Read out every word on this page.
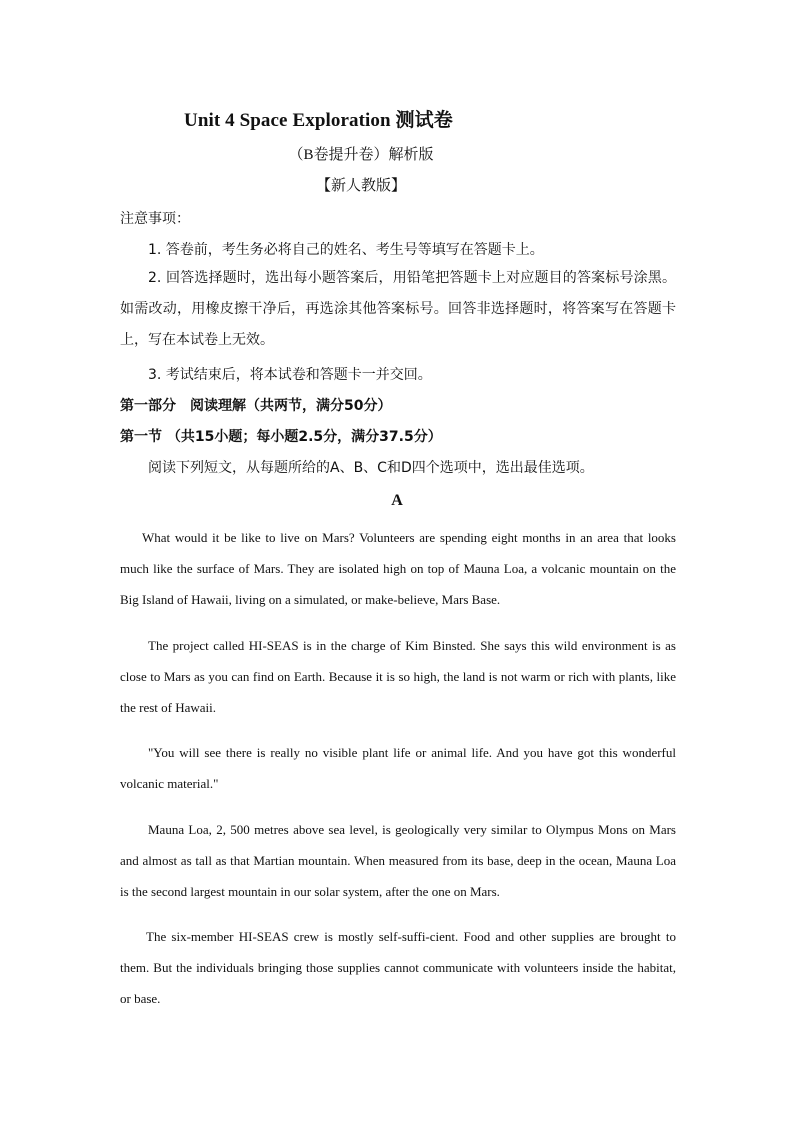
Unit 4 Space Exploration 测试卷
（B卷提升卷）解析版
【新人教版】
注意事项：
1. 答卷前，考生务必将自己的姓名、考生号等填写在答题卡上。
2. 回答选择题时，选出每小题答案后，用铅笔把答题卡上对应题目的答案标号涂黑。如需改动，用橡皮擦干净后，再选涂其他答案标号。回答非选择题时，将答案写在答题卡上，写在本试卷上无效。
3. 考试结束后，将本试卷和答题卡一并交回。
第一部分　阅读理解（共两节，满分50分）
第一节 （共15小题；每小题2.5分，满分37.5分）
阅读下列短文，从每题所给的A、B、C和D四个选项中，选出最佳选项。
A
What would it be like to live on Mars? Volunteers are spending eight months in an area that looks much like the surface of Mars. They are isolated high on top of Mauna Loa, a volcanic mountain on the Big Island of Hawaii, living on a simulated, or make-believe, Mars Base.
The project called HI-SEAS is in the charge of Kim Binsted. She says this wild environment is as close to Mars as you can find on Earth. Because it is so high, the land is not warm or rich with plants, like the rest of Hawaii.
"You will see there is really no visible plant life or animal life. And you have got this wonderful volcanic material."
Mauna Loa, 2, 500 metres above sea level, is geologically very similar to Olympus Mons on Mars and almost as tall as that Martian mountain. When measured from its base, deep in the ocean, Mauna Loa is the second largest mountain in our solar system, after the one on Mars.
The six-member HI-SEAS crew is mostly self-suffi-cient. Food and other supplies are brought to them. But the individuals bringing those supplies cannot communicate with volunteers inside the habitat, or base.
